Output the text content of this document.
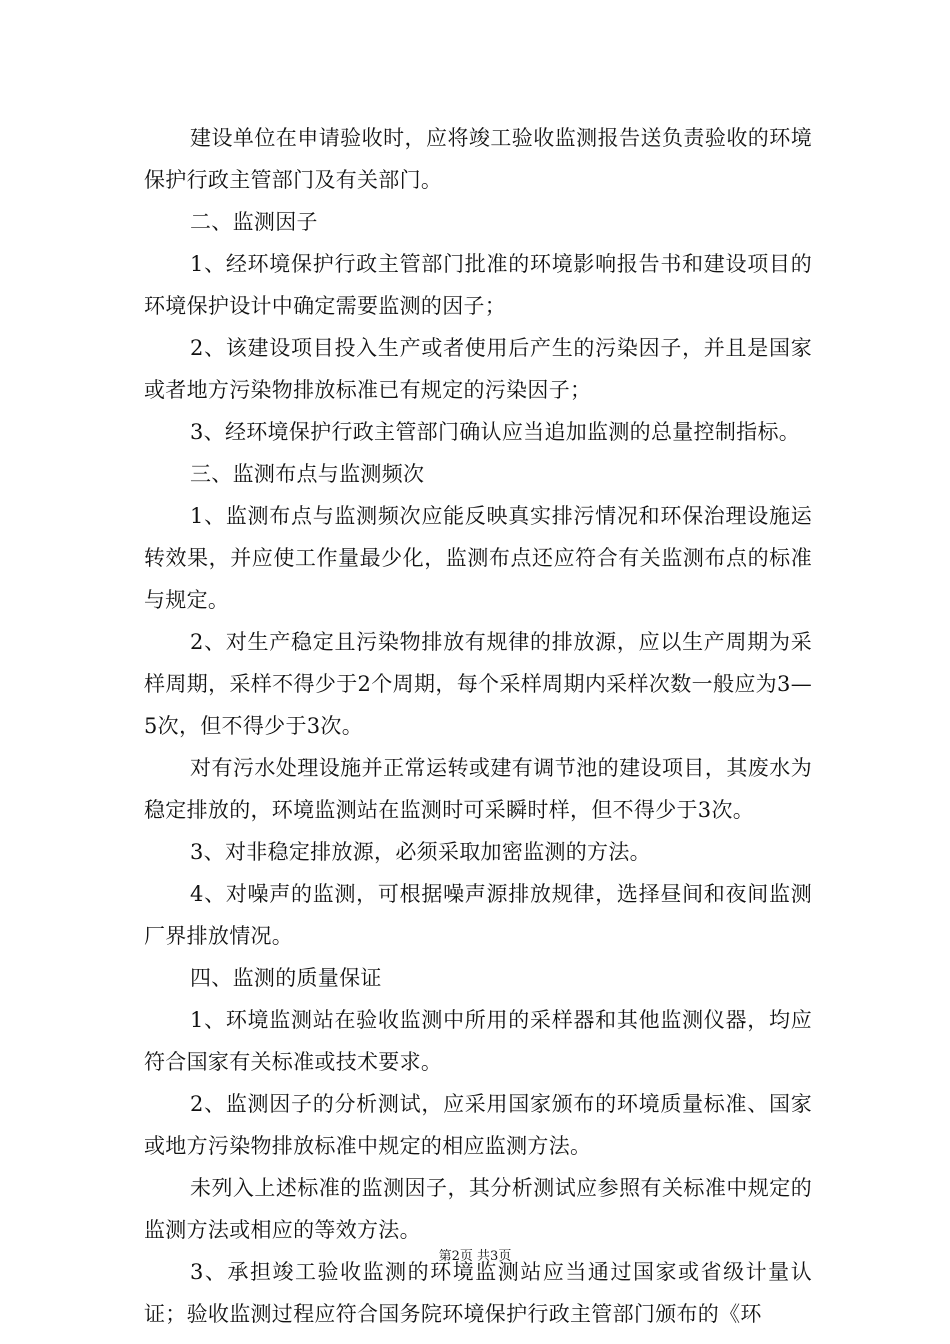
建设单位在申请验收时，应将竣工验收监测报告送负责验收的环境保护行政主管部门及有关部门。

二、监测因子

1、经环境保护行政主管部门批准的环境影响报告书和建设项目的环境保护设计中确定需要监测的因子；

2、该建设项目投入生产或者使用后产生的污染因子，并且是国家或者地方污染物排放标准已有规定的污染因子；

3、经环境保护行政主管部门确认应当追加监测的总量控制指标。

三、监测布点与监测频次

1、监测布点与监测频次应能反映真实排污情况和环保治理设施运转效果，并应使工作量最少化，监测布点还应符合有关监测布点的标准与规定。

2、对生产稳定且污染物排放有规律的排放源，应以生产周期为采样周期，采样不得少于2个周期，每个采样周期内采样次数一般应为3—5次，但不得少于3次。

对有污水处理设施并正常运转或建有调节池的建设项目，其废水为稳定排放的，环境监测站在监测时可采瞬时样，但不得少于3次。

3、对非稳定排放源，必须采取加密监测的方法。

4、对噪声的监测，可根据噪声源排放规律，选择昼间和夜间监测厂界排放情况。

四、监测的质量保证

1、环境监测站在验收监测中所用的采样器和其他监测仪器，均应符合国家有关标准或技术要求。

2、监测因子的分析测试，应采用国家颁布的环境质量标准、国家或地方污染物排放标准中规定的相应监测方法。

未列入上述标准的监测因子，其分析测试应参照有关标准中规定的监测方法或相应的等效方法。

3、承担竣工验收监测的环境监测站应当通过国家或省级计量认证；验收监测过程应符合国务院环境保护行政主管部门颁布的《环

第2页 共3页
